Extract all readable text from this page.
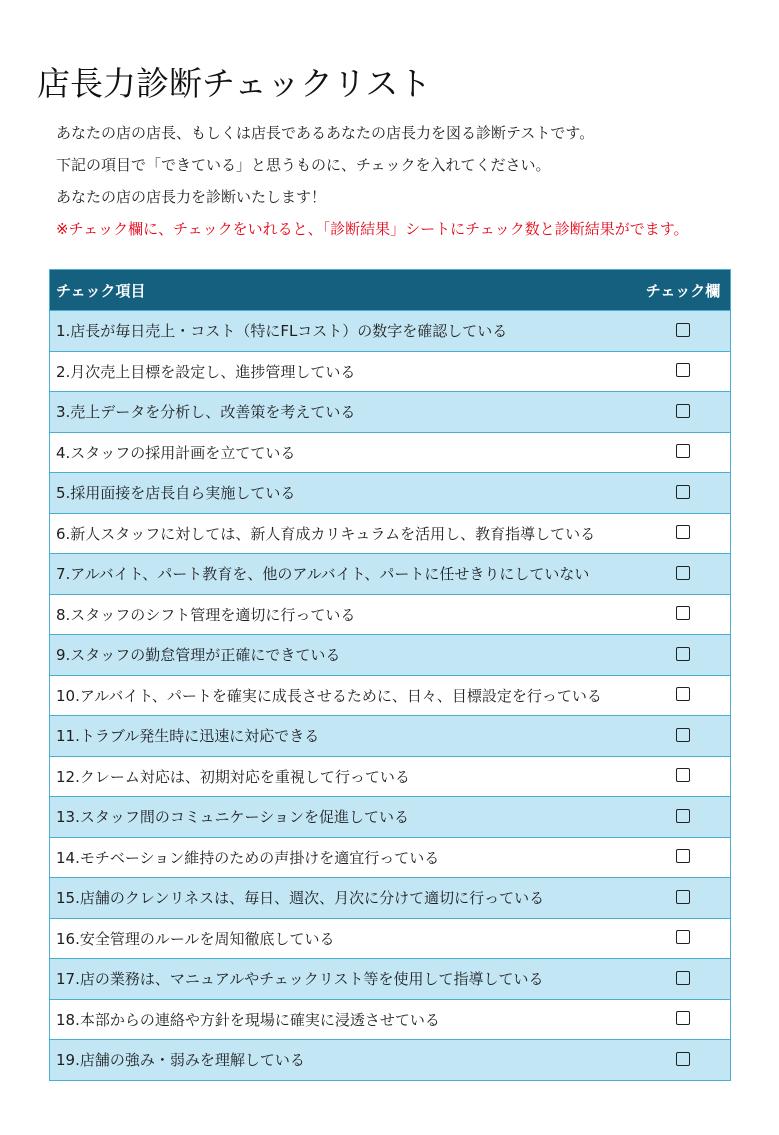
店長力診断チェックリスト
あなたの店の店長、もしくは店長であるあなたの店長力を図る診断テストです。
下記の項目で「できている」と思うものに、チェックを入れてください。
あなたの店の店長力を診断いたします！
※チェック欄に、チェックをいれると、「診断結果」シートにチェック数と診断結果がでます。
チェック項目	チェック欄
1.店長が毎日売上・コスト（特にFLコスト）の数字を確認している
2.月次売上目標を設定し、進捗管理している
3.売上データを分析し、改善策を考えている
4.スタッフの採用計画を立てている
5.採用面接を店長自ら実施している
6.新人スタッフに対しては、新人育成カリキュラムを活用し、教育指導している
7.アルバイト、パート教育を、他のアルバイト、パートに任せきりにしていない
8.スタッフのシフト管理を適切に行っている
9.スタッフの勤怠管理が正確にできている
10.アルバイト、パートを確実に成長させるために、日々、目標設定を行っている
11.トラブル発生時に迅速に対応できる
12.クレーム対応は、初期対応を重視して行っている
13.スタッフ間のコミュニケーションを促進している
14.モチベーション維持のための声掛けを適宜行っている
15.店舗のクレンリネスは、毎日、週次、月次に分けて適切に行っている
16.安全管理のルールを周知徹底している
17.店の業務は、マニュアルやチェックリスト等を使用して指導している
18.本部からの連絡や方針を現場に確実に浸透させている
19.店舗の強み・弱みを理解している
